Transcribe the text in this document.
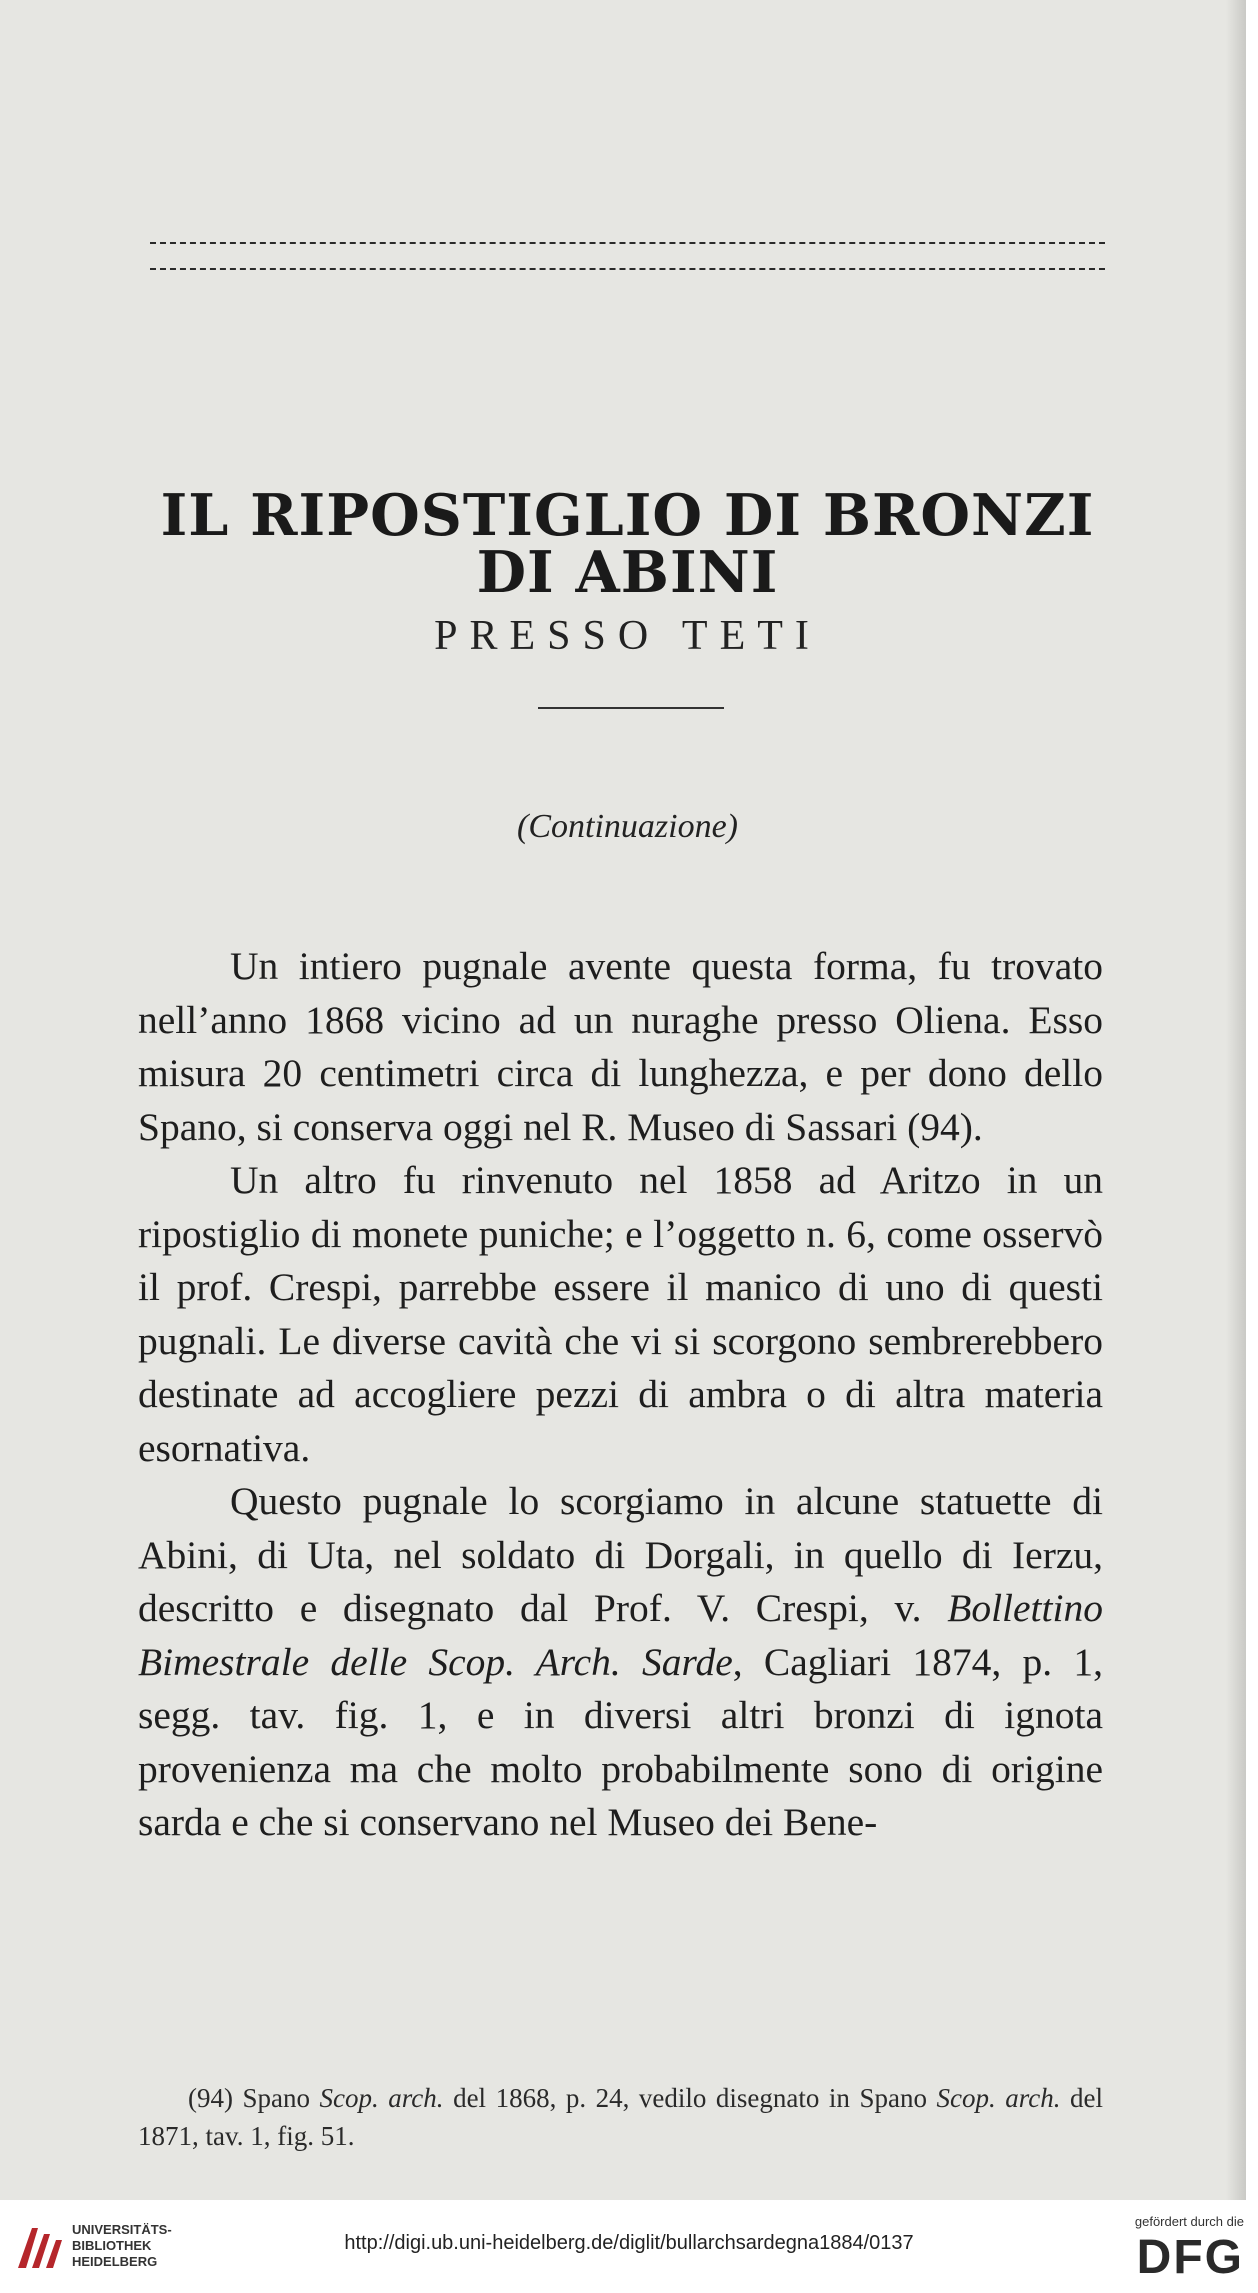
IL RIPOSTIGLIO DI BRONZI DI ABINI
PRESSO TETI
(Continuazione)

Un intiero pugnale avente questa forma, fu trovato nell’anno 1868 vicino ad un nuraghe presso Oliena. Esso misura 20 centimetri circa di lunghezza, e per dono dello Spano, si conserva oggi nel R. Museo di Sassari (94).

Un altro fu rinvenuto nel 1858 ad Aritzo in un ripostiglio di monete puniche; e l’oggetto n. 6, come osservò il prof. Crespi, parrebbe essere il manico di uno di questi pugnali. Le diverse cavità che vi si scorgono sembrerebbero destinate ad accogliere pezzi di ambra o di altra materia esornativa.

Questo pugnale lo scorgiamo in alcune statuette di Abini, di Uta, nel soldato di Dorgali, in quello di Ierzu, descritto e disegnato dal Prof. V. Crespi, v. Bollettino Bimestrale delle Scop. Arch. Sarde, Cagliari 1874, p. 1, segg. tav. fig. 1, e in diversi altri bronzi di ignota provenienza ma che molto probabilmente sono di origine sarda e che si conservano nel Museo dei Bene-

(94) Spano Scop. arch. del 1868, p. 24, vedilo disegnato in Spano Scop. arch. del 1871, tav. 1, fig. 51.

UNIVERSITÄTS-
BIBLIOTHEK
HEIDELBERG
http://digi.ub.uni-heidelberg.de/diglit/bullarchsardegna1884/0137
gefördert durch die
DFG
